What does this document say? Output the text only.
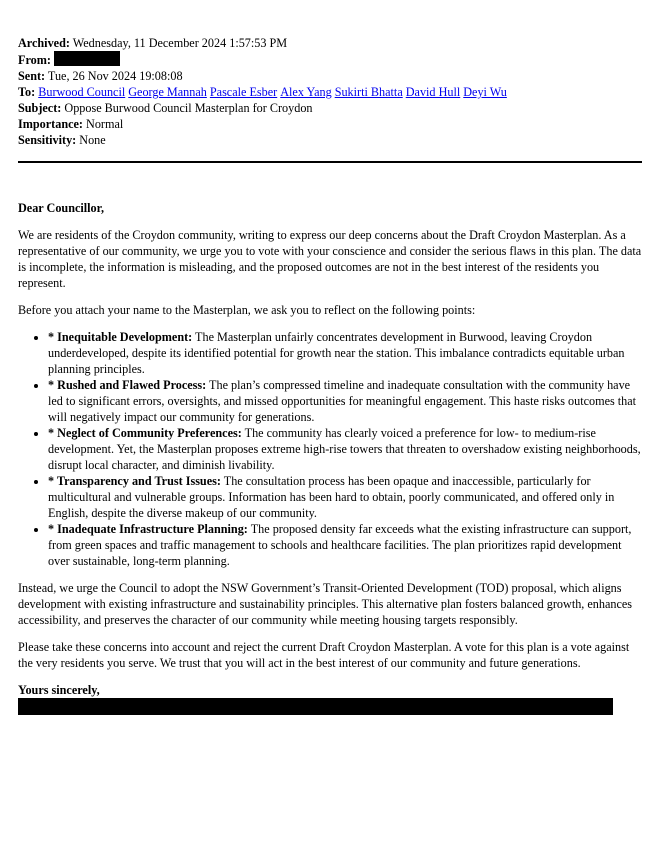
Archived: Wednesday, 11 December 2024 1:57:53 PM
From:
Sent: Tue, 26 Nov 2024 19:08:08
To: Burwood Council George Mannah Pascale Esber Alex Yang Sukirti Bhatta David Hull Deyi Wu
Subject: Oppose Burwood Council Masterplan for Croydon
Importance: Normal
Sensitivity: None

Dear Councillor,

We are residents of the Croydon community, writing to express our deep concerns about the Draft Croydon Masterplan. As a representative of our community, we urge you to vote with your conscience and consider the serious flaws in this plan. The data is incomplete, the information is misleading, and the proposed outcomes are not in the best interest of the residents you represent.

Before you attach your name to the Masterplan, we ask you to reflect on the following points:

• * Inequitable Development: The Masterplan unfairly concentrates development in Burwood, leaving Croydon underdeveloped, despite its identified potential for growth near the station. This imbalance contradicts equitable urban planning principles.
• * Rushed and Flawed Process: The plan’s compressed timeline and inadequate consultation with the community have led to significant errors, oversights, and missed opportunities for meaningful engagement. This haste risks outcomes that will negatively impact our community for generations.
• * Neglect of Community Preferences: The community has clearly voiced a preference for low- to medium-rise development. Yet, the Masterplan proposes extreme high-rise towers that threaten to overshadow existing neighborhoods, disrupt local character, and diminish livability.
• * Transparency and Trust Issues: The consultation process has been opaque and inaccessible, particularly for multicultural and vulnerable groups. Information has been hard to obtain, poorly communicated, and offered only in English, despite the diverse makeup of our community.
• * Inadequate Infrastructure Planning: The proposed density far exceeds what the existing infrastructure can support, from green spaces and traffic management to schools and healthcare facilities. The plan prioritizes rapid development over sustainable, long-term planning.

Instead, we urge the Council to adopt the NSW Government’s Transit-Oriented Development (TOD) proposal, which aligns development with existing infrastructure and sustainability principles. This alternative plan fosters balanced growth, enhances accessibility, and preserves the character of our community while meeting housing targets responsibly.

Please take these concerns into account and reject the current Draft Croydon Masterplan. A vote for this plan is a vote against the very residents you serve. We trust that you will act in the best interest of our community and future generations.

Yours sincerely,
